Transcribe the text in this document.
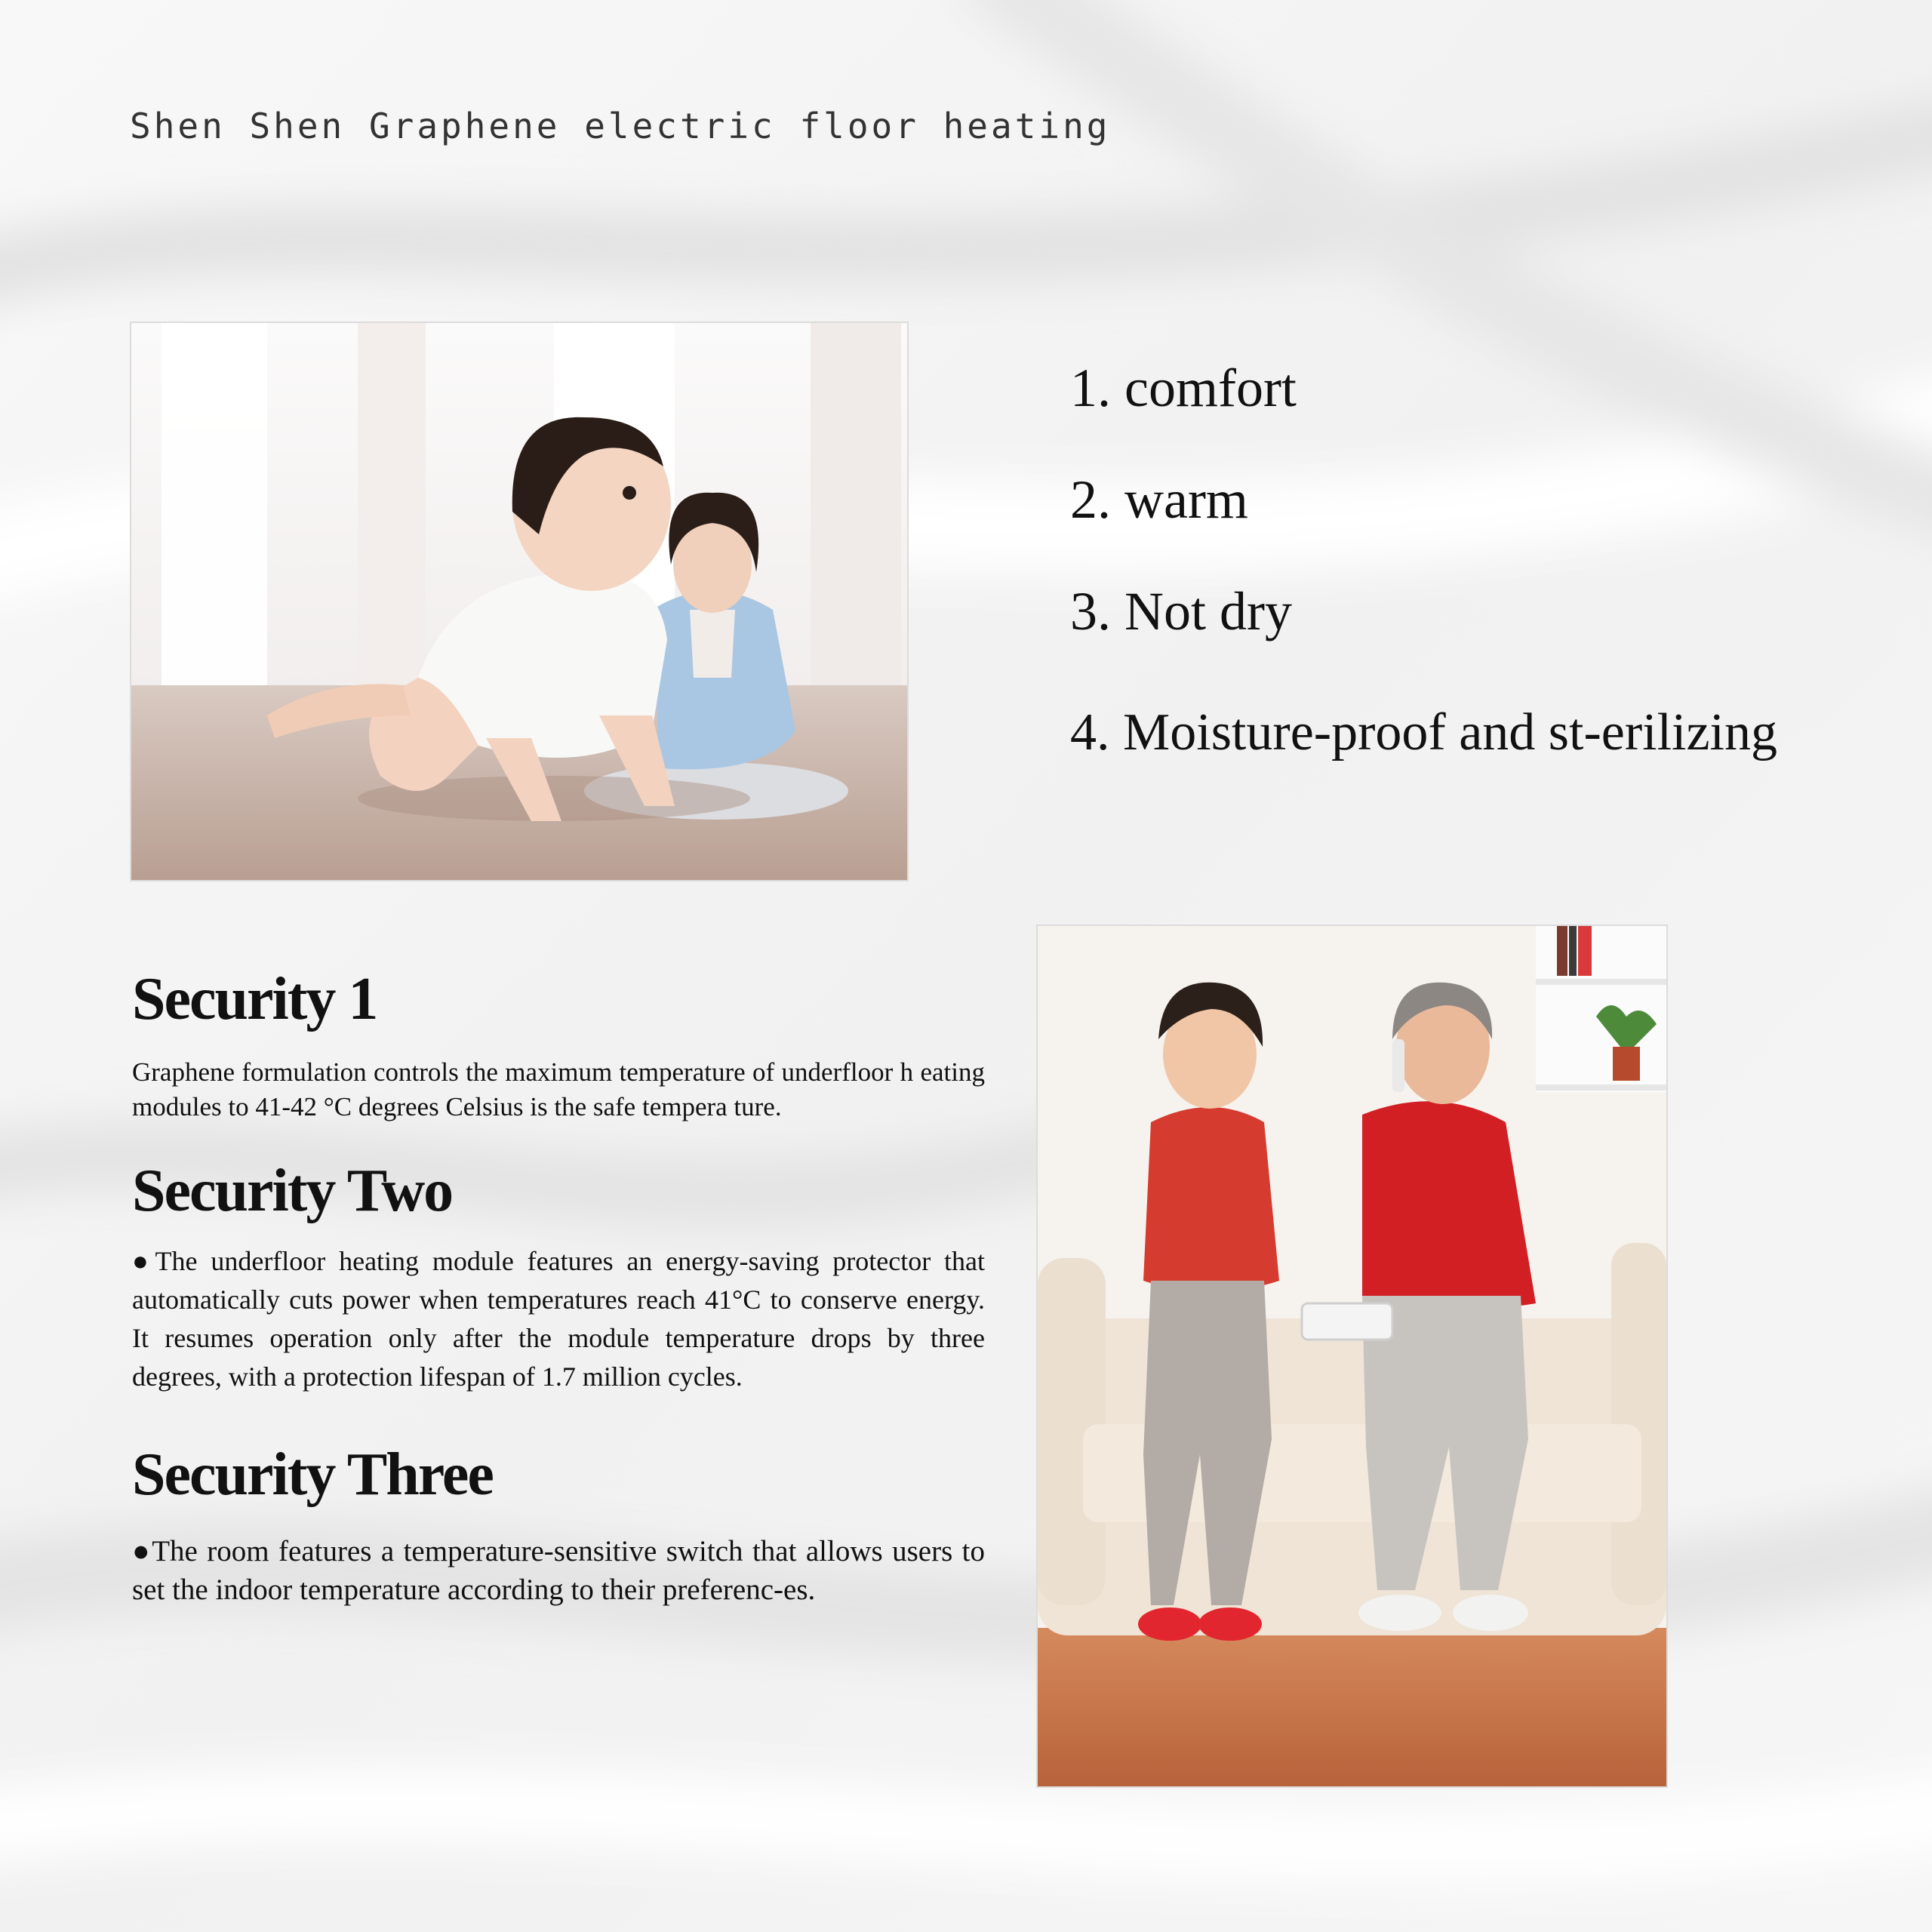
Shen Shen Graphene electric floor heating
1. comfort
2. warm
3. Not dry
4. Moisture-proof and st-erilizing
Security 1

Graphene formulation controls the maximum temperature of underfloor h eating modules to 41-42 °C degrees Celsius is the safe tempera ture.

Security Two

●The underfloor heating module features an energy-saving protector that automatically cuts power when temperatures reach 41°C to conserve energy. It resumes operation only after the module temperature drops by three degrees, with a protection lifespan of 1.7 million cycles.

Security Three

●The room features a temperature-sensitive switch that allows users to set the indoor temperature according to their preferenc-es.
